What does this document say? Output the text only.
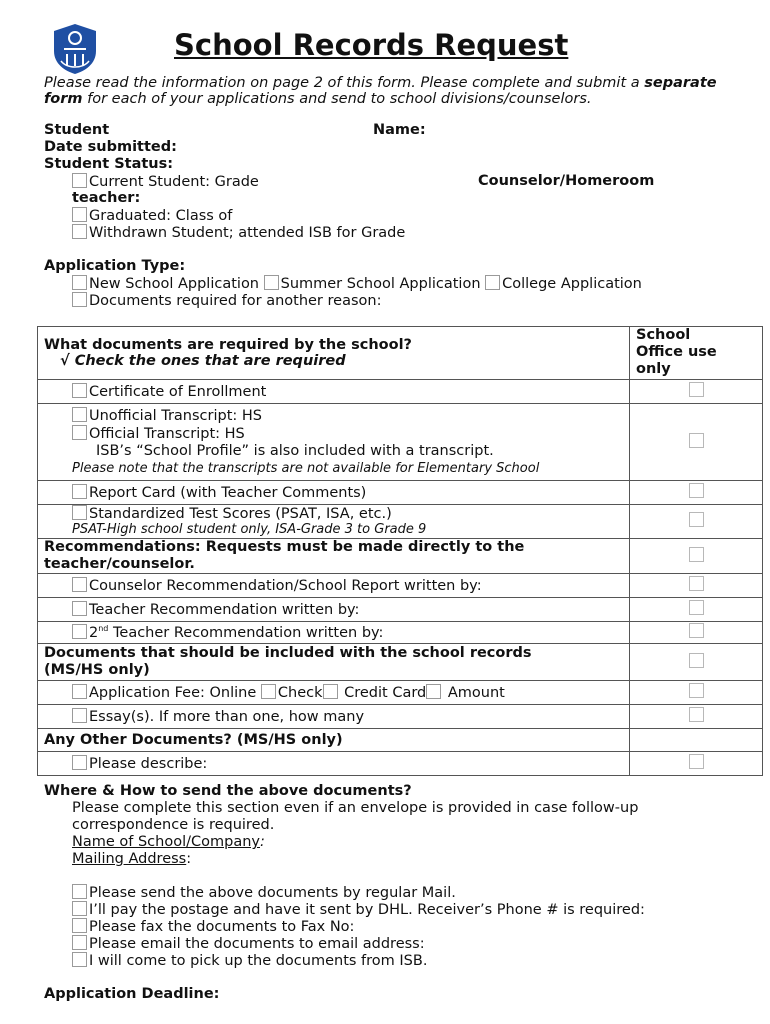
School Records Request
Please read the information on page 2 of this form. Please complete and submit a separate
form for each of your applications and send to school divisions/counselors.
Student	Name:
Date submitted:
Student Status:
Current Student: Grade	Counselor/Homeroom
teacher:
Graduated: Class of
Withdrawn Student; attended ISB for Grade
Application Type:
New School Application Summer School Application College Application
Documents required for another reason:
What documents are required by the school?
√ Check the ones that are required	School
Office use
only

Certificate of Enrollment	

Unofficial Transcript: HS
Official Transcript: HS
ISB’s “School Profile” is also included with a transcript.
Please note that the transcripts are not available for Elementary School	

Report Card (with Teacher Comments)	

Standardized Test Scores (PSAT, ISA, etc.)
PSAT-High school student only, ISA-Grade 3 to Grade 9	

Recommendations: Requests must be made directly to the
teacher/counselor.	

Counselor Recommendation/School Report written by:	

Teacher Recommendation written by:	

2nd Teacher Recommendation written by:	

Documents that should be included with the school records
(MS/HS only)	

Application Fee: Online Check Credit Card Amount	

Essay(s). If more than one, how many	

Any Other Documents? (MS/HS only)	

Please describe:	

Where & How to send the above documents?
Please complete this section even if an envelope is provided in case follow-up
correspondence is required.
Name of School/Company:
Mailing Address:
Please send the above documents by regular Mail.
I’ll pay the postage and have it sent by DHL. Receiver’s Phone # is required:
Please fax the documents to Fax No:
Please email the documents to email address:
I will come to pick up the documents from ISB.
Application Deadline:
